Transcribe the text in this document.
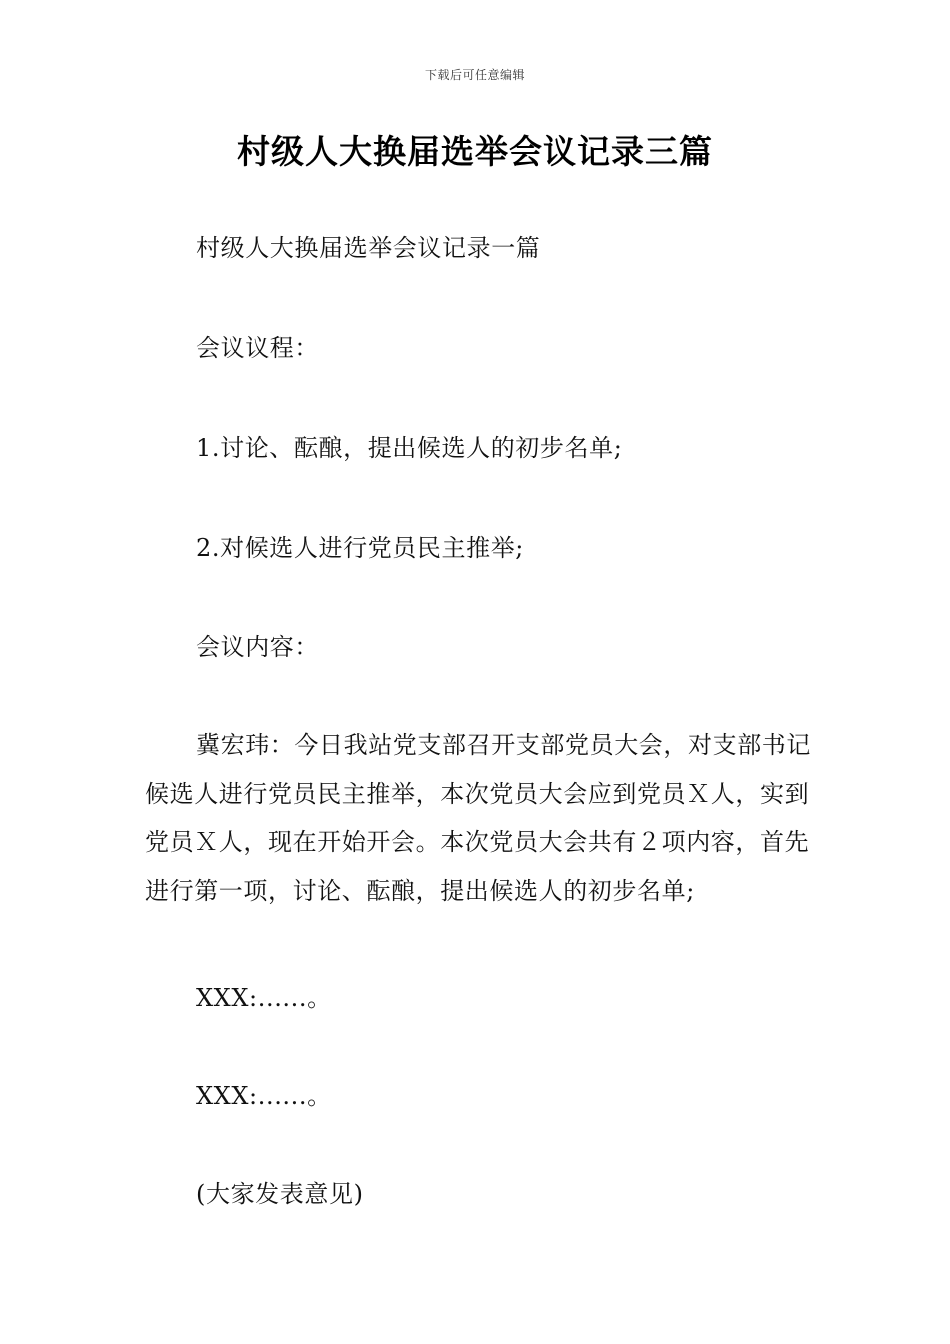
下载后可任意编辑
村级人大换届选举会议记录三篇

村级人大换届选举会议记录一篇

会议议程：

1.讨论、酝酿，提出候选人的初步名单;

2.对候选人进行党员民主推举;

会议内容：

冀宏玮：今日我站党支部召开支部党员大会，对支部书记候选人进行党员民主推举，本次党员大会应到党员Ｘ人，实到党员Ｘ人，现在开始开会。本次党员大会共有２项内容，首先进行第一项，讨论、酝酿，提出候选人的初步名单;

XXX:......。

XXX:......。

(大家发表意见)
